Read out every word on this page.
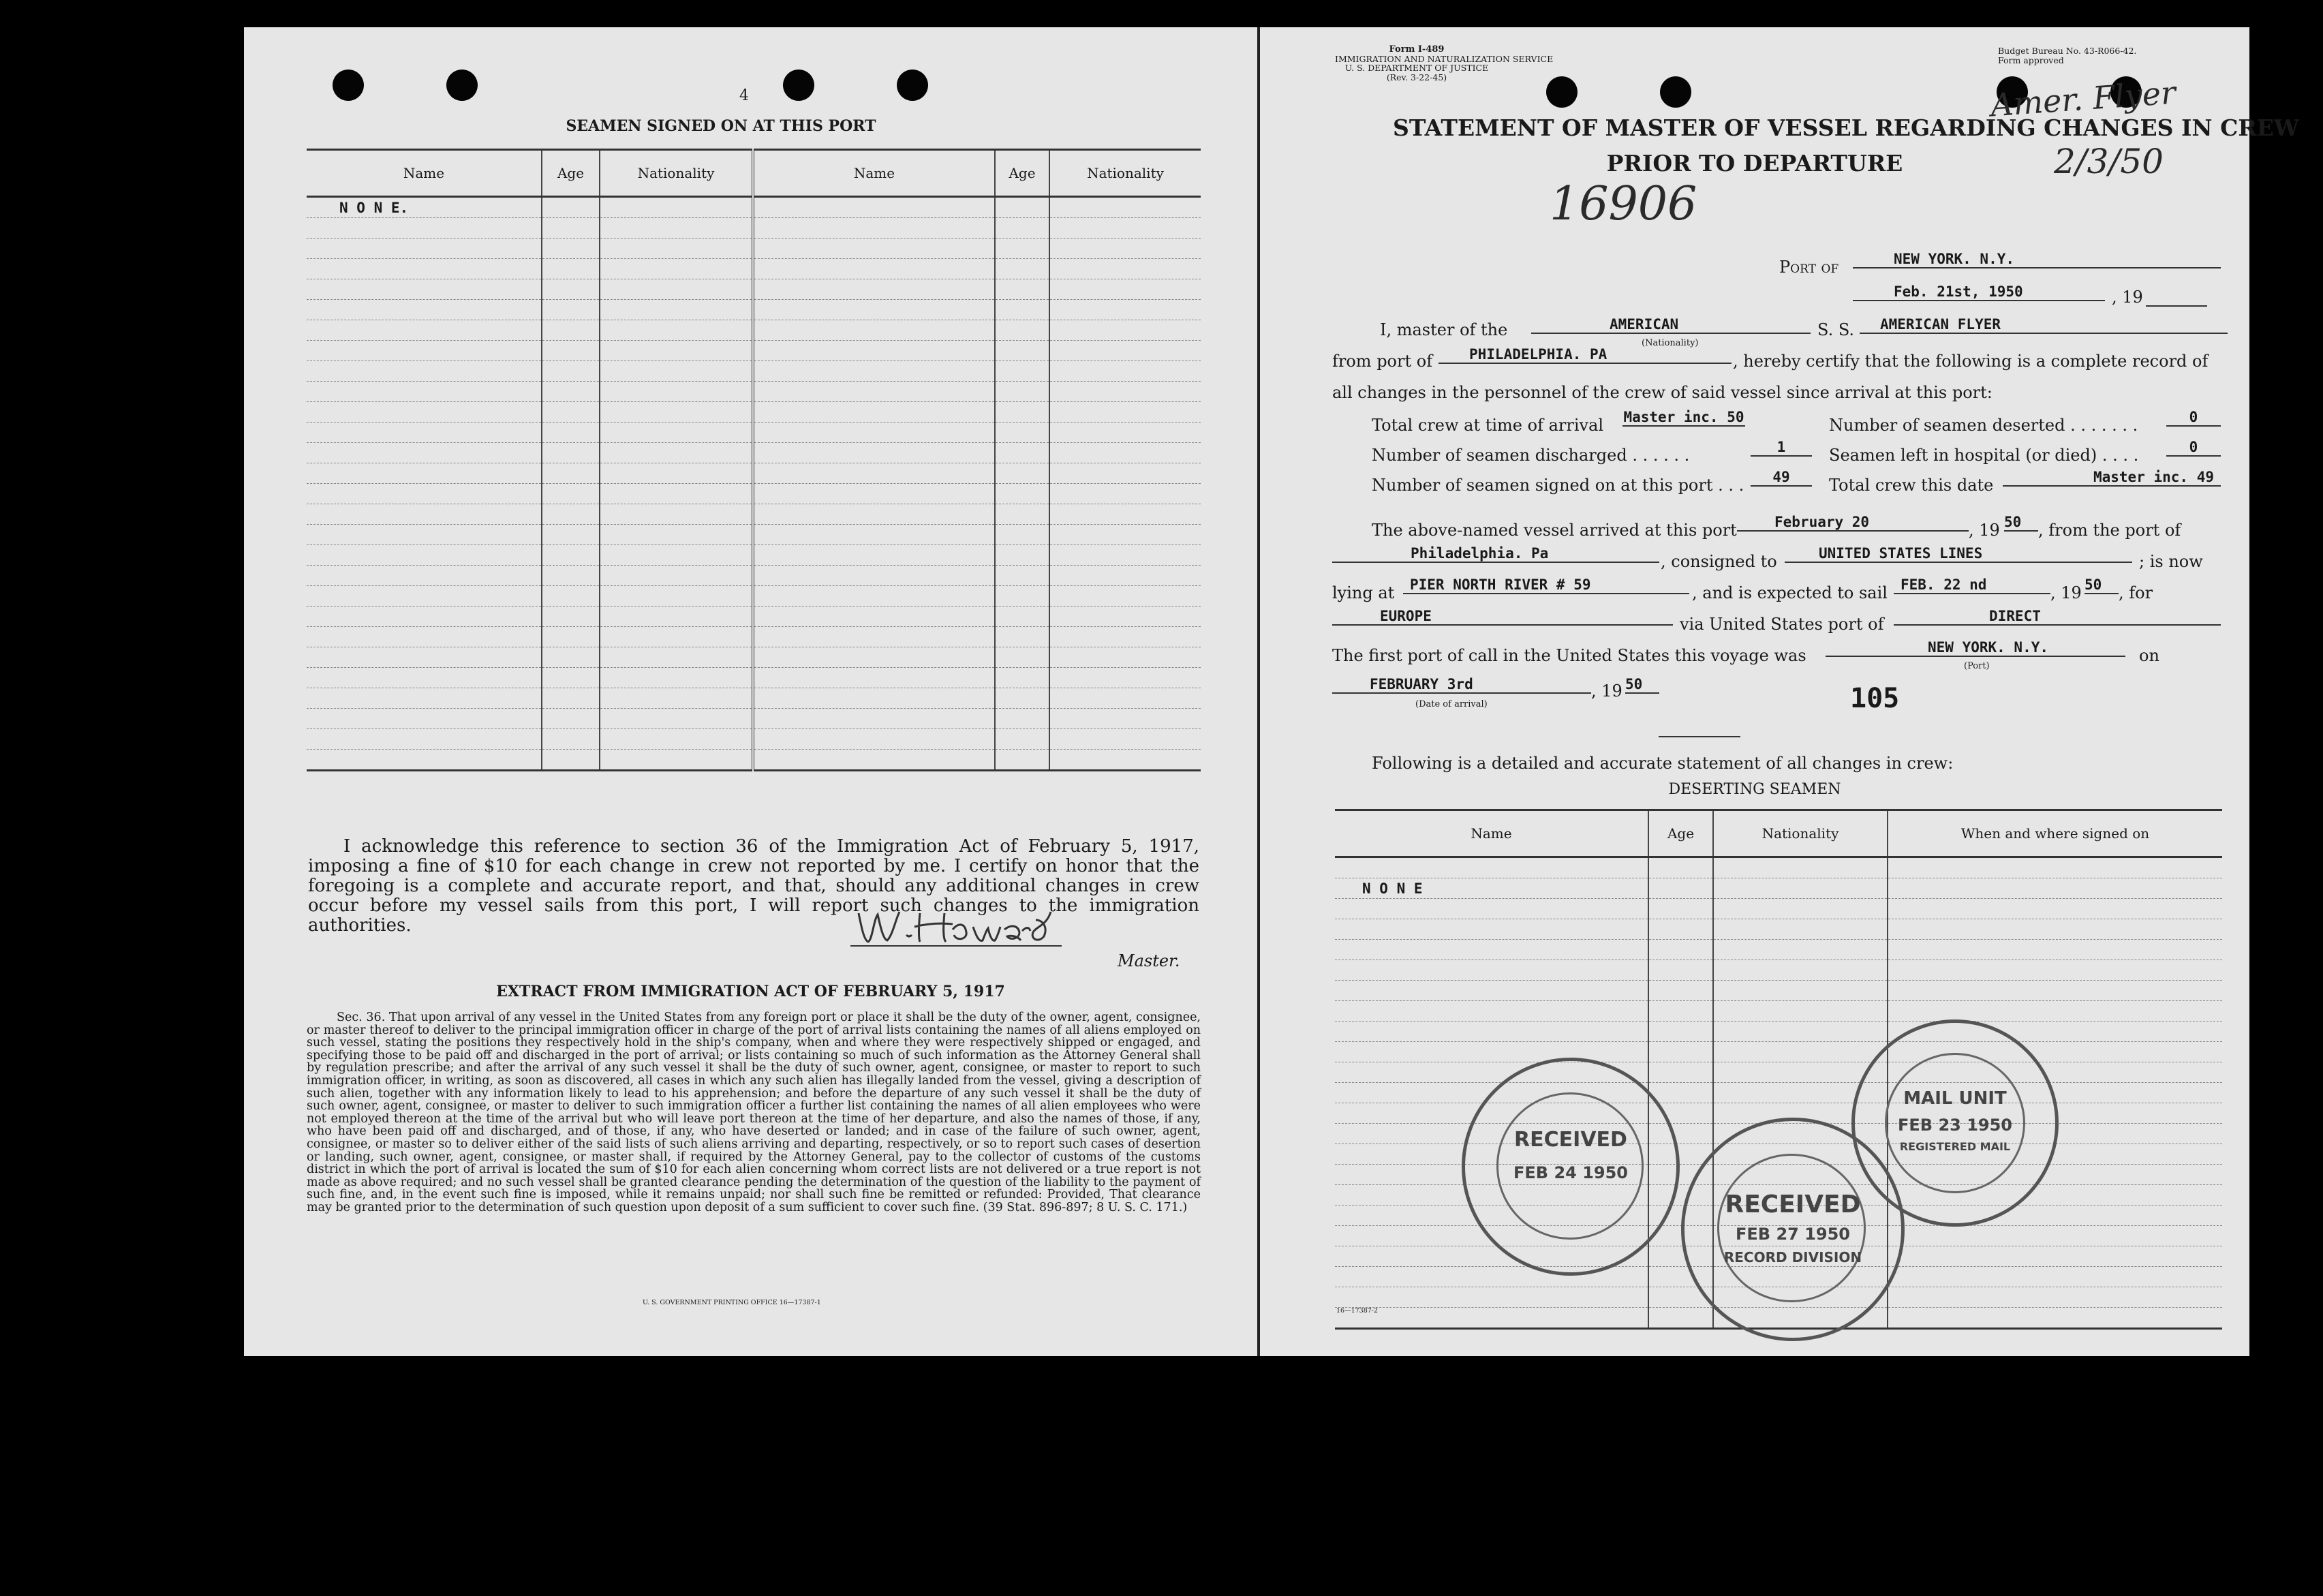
4
SEAMEN SIGNED ON AT THIS PORT
Name	Age	Nationality	Name	Age	Nationality
N O N E.					

I acknowledge this reference to section 36 of the Immigration Act of February 5, 1917, imposing a fine of $10 for each change in crew not reported by me. I certify on honor that the foregoing is a complete and accurate report, and that, should any additional changes in crew occur before my vessel sails from this port, I will report such changes to the immigration authorities.
Master.
EXTRACT FROM IMMIGRATION ACT OF FEBRUARY 5, 1917
Sec. 36. That upon arrival of any vessel in the United States from any foreign port or place it shall be the duty of the owner, agent, consignee, or master thereof to deliver to the principal immigration officer in charge of the port of arrival lists containing the names of all aliens employed on such vessel, stating the positions they respectively hold in the ship's company, when and where they were respectively shipped or engaged, and specifying those to be paid off and discharged in the port of arrival; or lists containing so much of such information as the Attorney General shall by regulation prescribe; and after the arrival of any such vessel it shall be the duty of such owner, agent, consignee, or master to report to such immigration officer, in writing, as soon as discovered, all cases in which any such alien has illegally landed from the vessel, giving a description of such alien, together with any information likely to lead to his apprehension; and before the departure of any such vessel it shall be the duty of such owner, agent, consignee, or master to deliver to such immigration officer a further list containing the names of all alien employees who were not employed thereon at the time of the arrival but who will leave port thereon at the time of her departure, and also the names of those, if any, who have been paid off and discharged, and of those, if any, who have deserted or landed; and in case of the failure of such owner, agent, consignee, or master so to deliver either of the said lists of such aliens arriving and departing, respectively, or so to report such cases of desertion or landing, such owner, agent, consignee, or master shall, if required by the Attorney General, pay to the collector of customs of the customs district in which the port of arrival is located the sum of $10 for each alien concerning whom correct lists are not delivered or a true report is not made as above required; and no such vessel shall be granted clearance pending the determination of the question of the liability to the payment of such fine, and, in the event such fine is imposed, while it remains unpaid; nor shall such fine be remitted or refunded: Provided, That clearance may be granted prior to the determination of such question upon deposit of a sum sufficient to cover such fine. (39 Stat. 896-897; 8 U. S. C. 171.)
U. S. GOVERNMENT PRINTING OFFICE 16—17387-1
Form I-489
IMMIGRATION AND NATURALIZATION SERVICE
U. S. DEPARTMENT OF JUSTICE
(Rev. 3-22-45)
Budget Bureau No. 43-R066-42.
Form approved
Amer. Flyer
2/3/50
STATEMENT OF MASTER OF VESSEL REGARDING CHANGES IN CREW
PRIOR TO DEPARTURE
16906
Port of	NEW YORK. N.Y.
Feb. 21st, 1950	, 19
I, master of the	AMERICAN
(Nationality)
S. S.	AMERICAN FLYER
from port of	PHILADELPHIA. PA	, hereby certify that the following is a complete record of
all changes in the personnel of the crew of said vessel since arrival at this port:
Total crew at time of arrival Master inc. 50	Number of seamen deserted . . . . . . .	0
Number of seamen discharged . . . . . .	1	Seamen left in hospital (or died) . . . .	0
Number of seamen signed on at this port . . .	49	Total crew this date	Master inc. 49
The above-named vessel arrived at this port	February 20	, 19 50	, from the port of
Philadelphia. Pa	, consigned to	UNITED STATES LINES	; is now
lying at	PIER NORTH RIVER # 59	, and is expected to sail FEB. 22 nd	, 19 50	, for
EUROPE	via United States port of	DIRECT
The first port of call in the United States this voyage was	NEW YORK. N.Y.	on
(Port)
FEBRUARY 3rd	, 19 50
(Date of arrival)	105
Following is a detailed and accurate statement of all changes in crew:
DESERTING SEAMEN
Name	Age	Nationality	When and where signed on

N O N E			

16—17387-2
RECEIVED
FEB 24 1950
RECEIVED
FEB 27 1950
RECORD DIVISION
MAIL UNIT
FEB 23 1950
REGISTERED MAIL
